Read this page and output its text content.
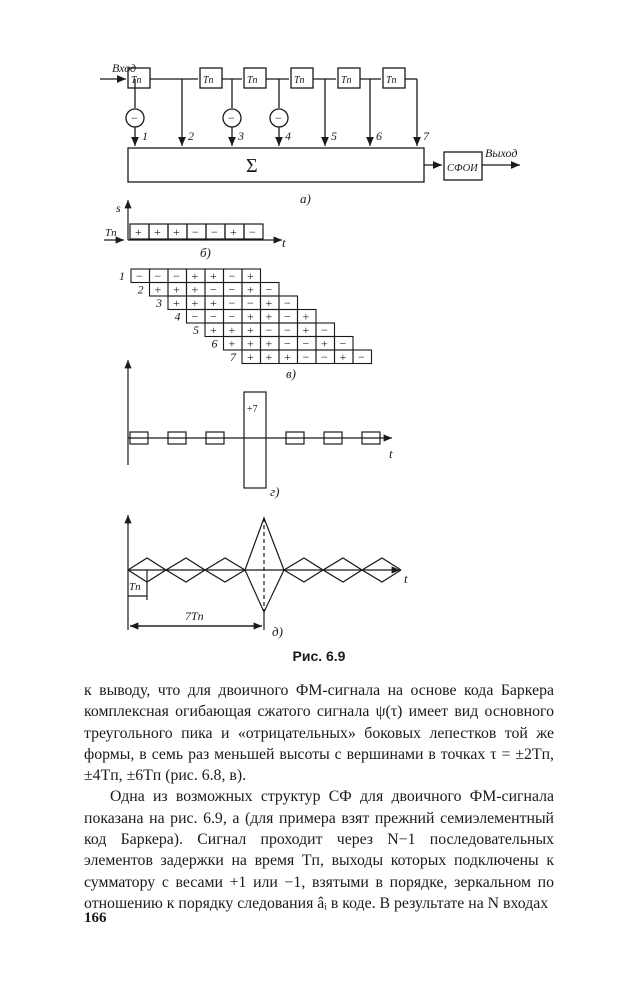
Вход
Tп	Tп	Tп	Tп	Tп	Tп
−	−	−
1	2	3	4	5	6	7
Σ	СФОИ
Выход
а)
s
t
+ + + − − + −
Tп
б)
1 − − − + + − +
2 + + + − − + −
3 + + + − − + −
4 − − − + + − +
5 + + + − − + −
6 + + + − − + −
7 + + + − − + −
в)
+7
t
г)
Tп
7Tп
t
д)
Рис. 6.9

к выводу, что для двоичного ФМ-сигнала на основе кода Баркера комплексная огибающая сжатого сигнала ψ(τ) имеет вид основного треугольного пика и «отрицательных» боковых лепестков той же формы, в семь раз меньшей высоты с вершинами в точках τ = ±2Tп, ±4Tп, ±6Tп (рис. 6.8, в).

Одна из возможных структур СФ для двоичного ФМ-сигнала показана на рис. 6.9, а (для примера взят прежний семиэлементный код Баркера). Сигнал проходит через N−1 последовательных элементов задержки на время Tп, выходы которых подключены к сумматору с весами +1 или −1, взятыми в порядке, зеркальном по отношению к порядку следования âᵢ в коде. В результате на N входах

166
